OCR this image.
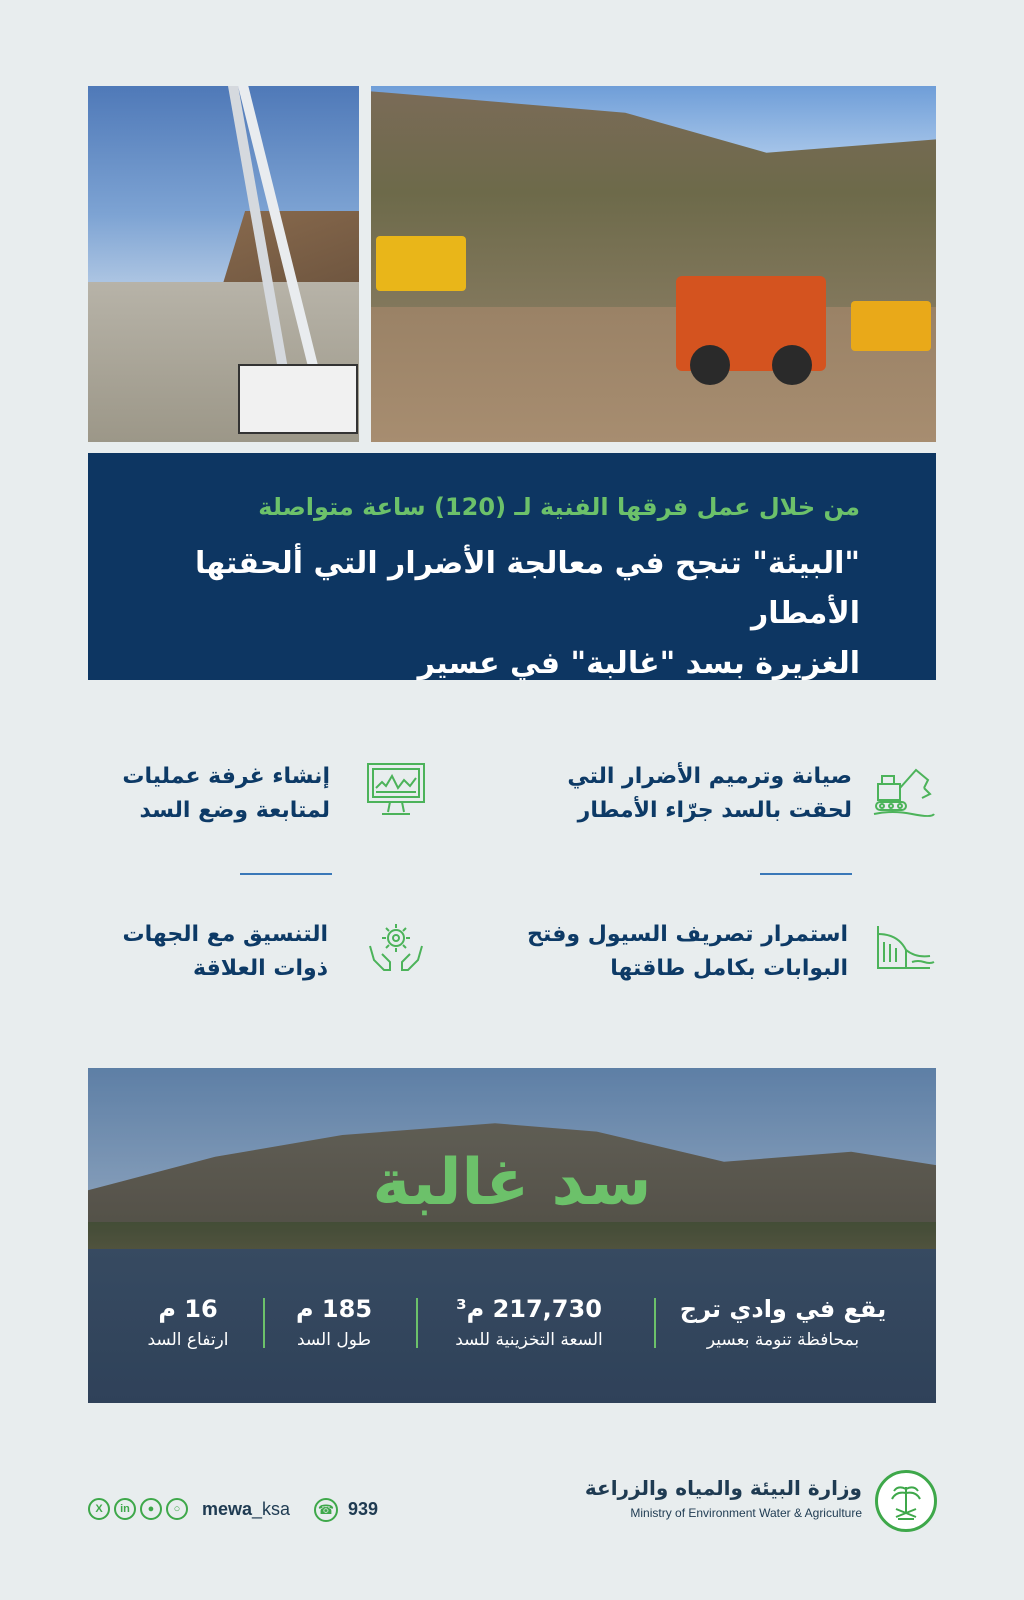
من خلال عمل فرقها الفنية لـ (120) ساعة متواصلة
"البيئة" تنجح في معالجة الأضرار التي ألحقتها الأمطار
الغزيرة بسد "غالبة" في عسير
صيانة وترميم الأضرار التي
لحقت بالسد جرّاء الأمطار
إنشاء غرفة عمليات
لمتابعة وضع السد
استمرار تصريف السيول وفتح
البوابات بكامل طاقتها
التنسيق مع الجهات
ذوات العلاقة
سد غالبة
يقع في وادي ترج
بمحافظة تنومة بعسير
217,730 م³
السعة التخزينية للسد
185 م
طول السد
16 م
ارتفاع السد
وزارة البيئة والمياه والزراعة
Ministry of Environment Water & Agriculture
X	in	●	○	mewa_ksa ☎ 939
